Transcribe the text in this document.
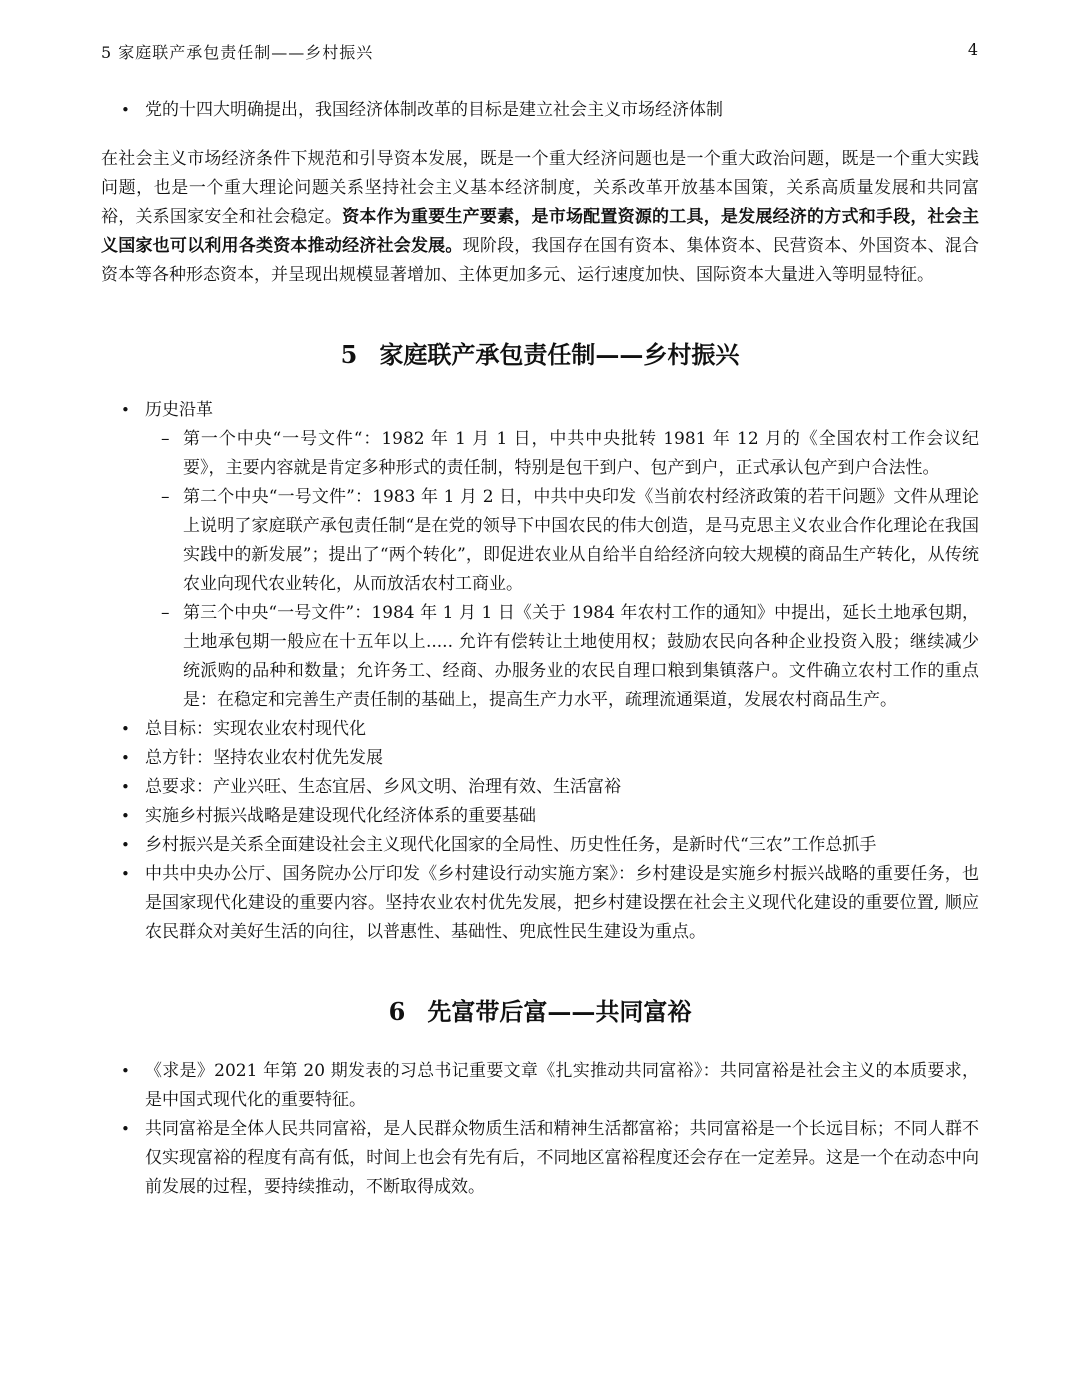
5 家庭联产承包责任制——乡村振兴	4
• 党的十四大明确提出，我国经济体制改革的目标是建立社会主义市场经济体制

在社会主义市场经济条件下规范和引导资本发展，既是一个重大经济问题也是一个重大政治问题，既是一个重大实践问题，也是一个重大理论问题关系坚持社会主义基本经济制度，关系改革开放基本国策，关系高质量发展和共同富裕，关系国家安全和社会稳定。资本作为重要生产要素，是市场配置资源的工具，是发展经济的方式和手段，社会主义国家也可以利用各类资本推动经济社会发展。现阶段，我国存在国有资本、集体资本、民营资本、外国资本、混合资本等各种形态资本，并呈现出规模显著增加、主体更加多元、运行速度加快、国际资本大量进入等明显特征。

5 家庭联产承包责任制——乡村振兴
• 历史沿革
– 第一个中央“一号文件“：1982 年 1 月 1 日，中共中央批转 1981 年 12 月的《全国农村工作会议纪要》，主要内容就是肯定多种形式的责任制，特别是包干到户、包产到户，正式承认包产到户合法性。
– 第二个中央“一号文件”：1983 年 1 月 2 日，中共中央印发《当前农村经济政策的若干问题》文件从理论上说明了家庭联产承包责任制“是在党的领导下中国农民的伟大创造，是马克思主义农业合作化理论在我国实践中的新发展”；提出了“两个转化”，即促进农业从自给半自给经济向较大规模的商品生产转化，从传统农业向现代农业转化，从而放活农村工商业。
– 第三个中央“一号文件”：1984 年 1 月 1 日《关于 1984 年农村工作的通知》中提出，延长土地承包期，土地承包期一般应在十五年以上..... 允许有偿转让土地使用权；鼓励农民向各种企业投资入股；继续减少统派购的品种和数量；允许务工、经商、办服务业的农民自理口粮到集镇落户。文件确立农村工作的重点是：在稳定和完善生产责任制的基础上，提高生产力水平，疏理流通渠道，发展农村商品生产。
• 总目标：实现农业农村现代化
• 总方针：坚持农业农村优先发展
• 总要求：产业兴旺、生态宜居、乡风文明、治理有效、生活富裕
• 实施乡村振兴战略是建设现代化经济体系的重要基础
• 乡村振兴是关系全面建设社会主义现代化国家的全局性、历史性任务，是新时代“三农”工作总抓手
• 中共中央办公厅、国务院办公厅印发《乡村建设行动实施方案》：乡村建设是实施乡村振兴战略的重要任务，也是国家现代化建设的重要内容。坚持农业农村优先发展，把乡村建设摆在社会主义现代化建设的重要位置, 顺应农民群众对美好生活的向往，以普惠性、基础性、兜底性民生建设为重点。
6 先富带后富——共同富裕
• 《求是》2021 年第 20 期发表的习总书记重要文章《扎实推动共同富裕》：共同富裕是社会主义的本质要求，是中国式现代化的重要特征。
• 共同富裕是全体人民共同富裕，是人民群众物质生活和精神生活都富裕；共同富裕是一个长远目标；不同人群不仅实现富裕的程度有高有低，时间上也会有先有后，不同地区富裕程度还会存在一定差异。这是一个在动态中向前发展的过程，要持续推动，不断取得成效。
